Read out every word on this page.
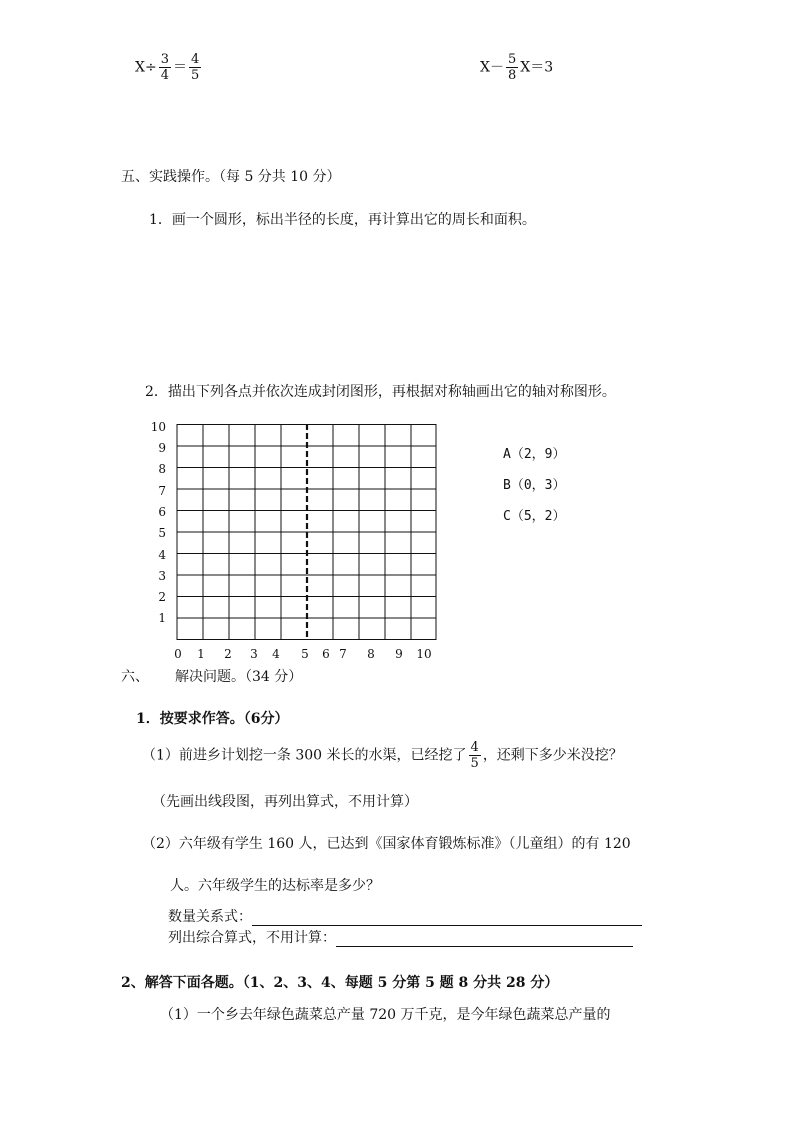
$X\div \frac{3}{4} = \frac{4}{5}$	$X- \frac{5}{8} X=3$
五、实践操作。（每 5 分共 10 分）
1．画一个圆形，标出半径的长度，再计算出它的周长和面积。
2．描出下列各点并依次连成封闭图形，再根据对称轴画出它的轴对称图形。
10
9
8
7
6
5
4
3
2
1
0	1	2	3	4	5	6 7	8	9	10
A（2，9）
B（0，3）
C（5，2）
六、 解决问题。（34 分）
1．按要求作答。（6分）
（1）前进乡计划挖一条 300 米长的水渠，已经挖了 $\frac{4}{5}$ ，还剩下多少米没挖？
（先画出线段图，再列出算式，不用计算）
（2）六年级有学生 160 人，已达到《国家体育锻炼标准》（儿童组）的有 120
人。六年级学生的达标率是多少？
数量关系式：
列出综合算式，不用计算：
2、解答下面各题。（1、2、3、4、每题 5 分第 5 题 8 分共 28 分）
（1）一个乡去年绿色蔬菜总产量 720 万千克，是今年绿色蔬菜总产量的
